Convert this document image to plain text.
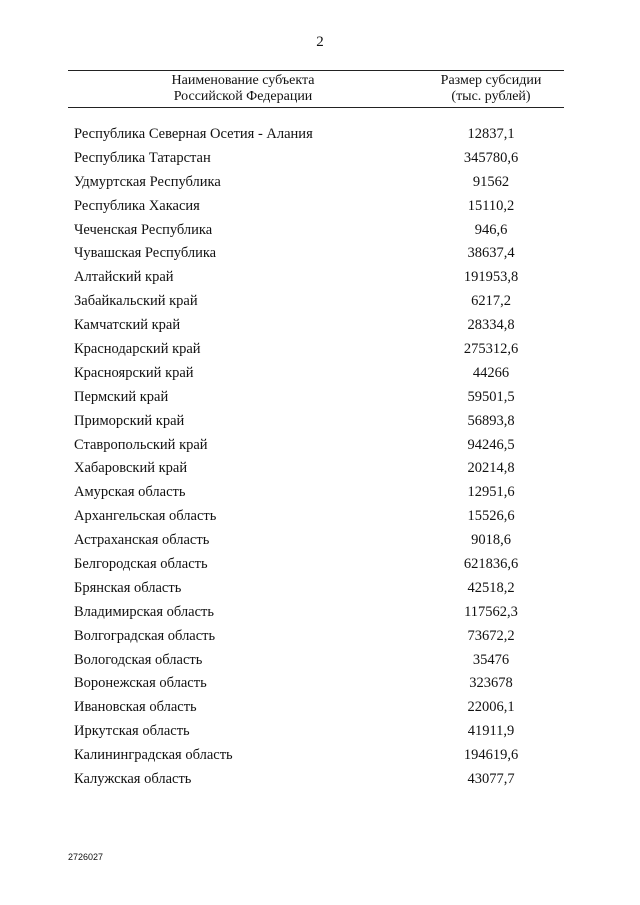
2
Наименование субъекта
Российской Федерации
Размер субсидии
(тыс. рублей)
Республика Северная Осетия - Алания	12837,1
Республика Татарстан	345780,6
Удмуртская Республика	91562
Республика Хакасия	15110,2
Чеченская Республика	946,6
Чувашская Республика	38637,4
Алтайский край	191953,8
Забайкальский край	6217,2
Камчатский край	28334,8
Краснодарский край	275312,6
Красноярский край	44266
Пермский край	59501,5
Приморский край	56893,8
Ставропольский край	94246,5
Хабаровский край	20214,8
Амурская область	12951,6
Архангельская область	15526,6
Астраханская область	9018,6
Белгородская область	621836,6
Брянская область	42518,2
Владимирская область	117562,3
Волгоградская область	73672,2
Вологодская область	35476
Воронежская область	323678
Ивановская область	22006,1
Иркутская область	41911,9
Калининградская область	194619,6
Калужская область	43077,7
2726027
